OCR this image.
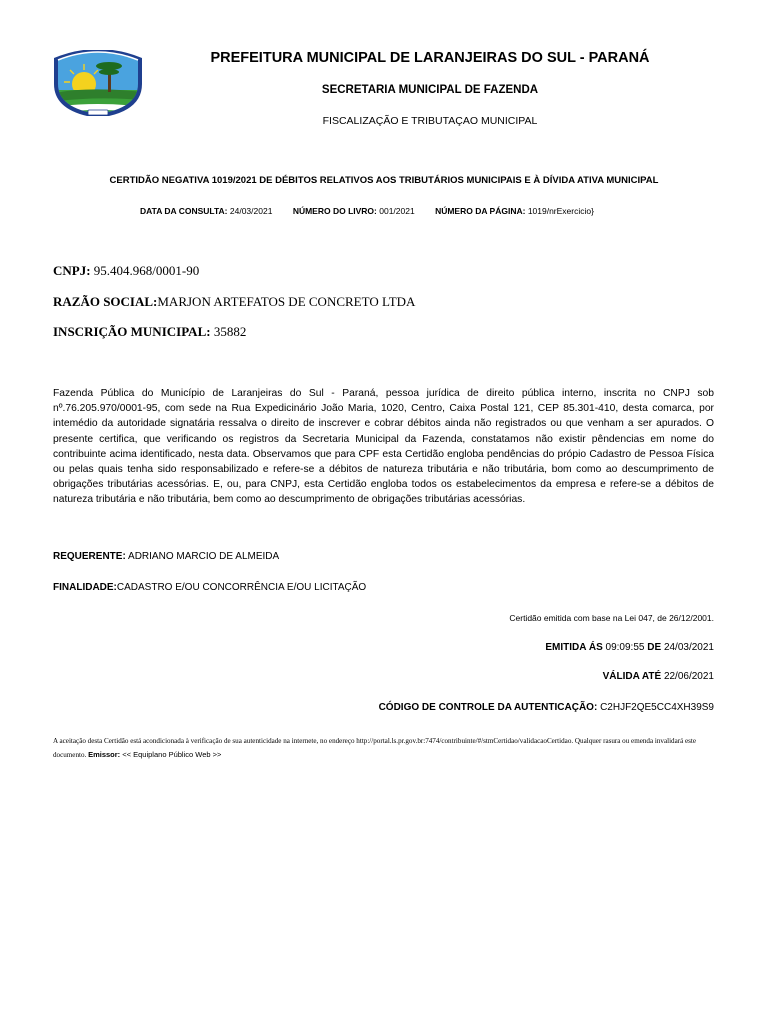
PREFEITURA MUNICIPAL DE LARANJEIRAS DO SUL - PARANÁ
SECRETARIA MUNICIPAL DE FAZENDA
FISCALIZAÇÃO E TRIBUTAÇAO MUNICIPAL
CERTIDÃO NEGATIVA 1019/2021 DE DÉBITOS RELATIVOS AOS TRIBUTÁRIOS MUNICIPAIS E À DÍVIDA ATIVA MUNICIPAL
DATA DA CONSULTA: 24/03/2021 NÚMERO DO LIVRO: 001/2021 NÚMERO DA PÁGINA: 1019/nrExercicio}
CNPJ: 95.404.968/0001-90
RAZÃO SOCIAL:MARJON ARTEFATOS DE CONCRETO LTDA
INSCRIÇÃO MUNICIPAL: 35882
Fazenda Pública do Município de Laranjeiras do Sul - Paraná, pessoa jurídica de direito pública interno, inscrita no CNPJ sob nº.76.205.970/0001-95, com sede na Rua Expedicinário João Maria, 1020, Centro, Caixa Postal 121, CEP 85.301-410, desta comarca, por intemédio da autoridade signatária ressalva o direito de inscrever e cobrar débitos ainda não registrados ou que venham a ser apurados. O presente certifica, que verificando os registros da Secretaria Municipal da Fazenda, constatamos não existir pêndencias em nome do contribuinte acima identificado, nesta data. Observamos que para CPF esta Certidão engloba pendências do própio Cadastro de Pessoa Física ou pelas quais tenha sido responsabilizado e refere-se a débitos de natureza tributária e não tributária, bom como ao descumprimento de obrigações tributárias acessórias. E, ou, para CNPJ, esta Certidão engloba todos os estabelecimentos da empresa e refere-se a débitos de natureza tributária e não tributária, bem como ao descumprimento de obrigações tributárias acessórias.
REQUERENTE: ADRIANO MARCIO DE ALMEIDA
FINALIDADE:CADASTRO E/OU CONCORRÊNCIA E/OU LICITAÇÃO
Certidão emitida com base na Lei 047, de 26/12/2001.
EMITIDA ÁS 09:09:55 DE 24/03/2021
VÁLIDA ATÉ 22/06/2021
CÓDIGO DE CONTROLE DA AUTENTICAÇÃO: C2HJF2QE5CC4XH39S9
A aceitação desta Certidão está acondicionada à verificação de sua autenticidade na internete, no endereço http://portal.ls.pr.gov.br:7474/contribuinte/#/stmCertidao/validacaoCertidao. Qualquer rasura ou emenda invalidará este documento. Emissor: << Equiplano Público Web >>
